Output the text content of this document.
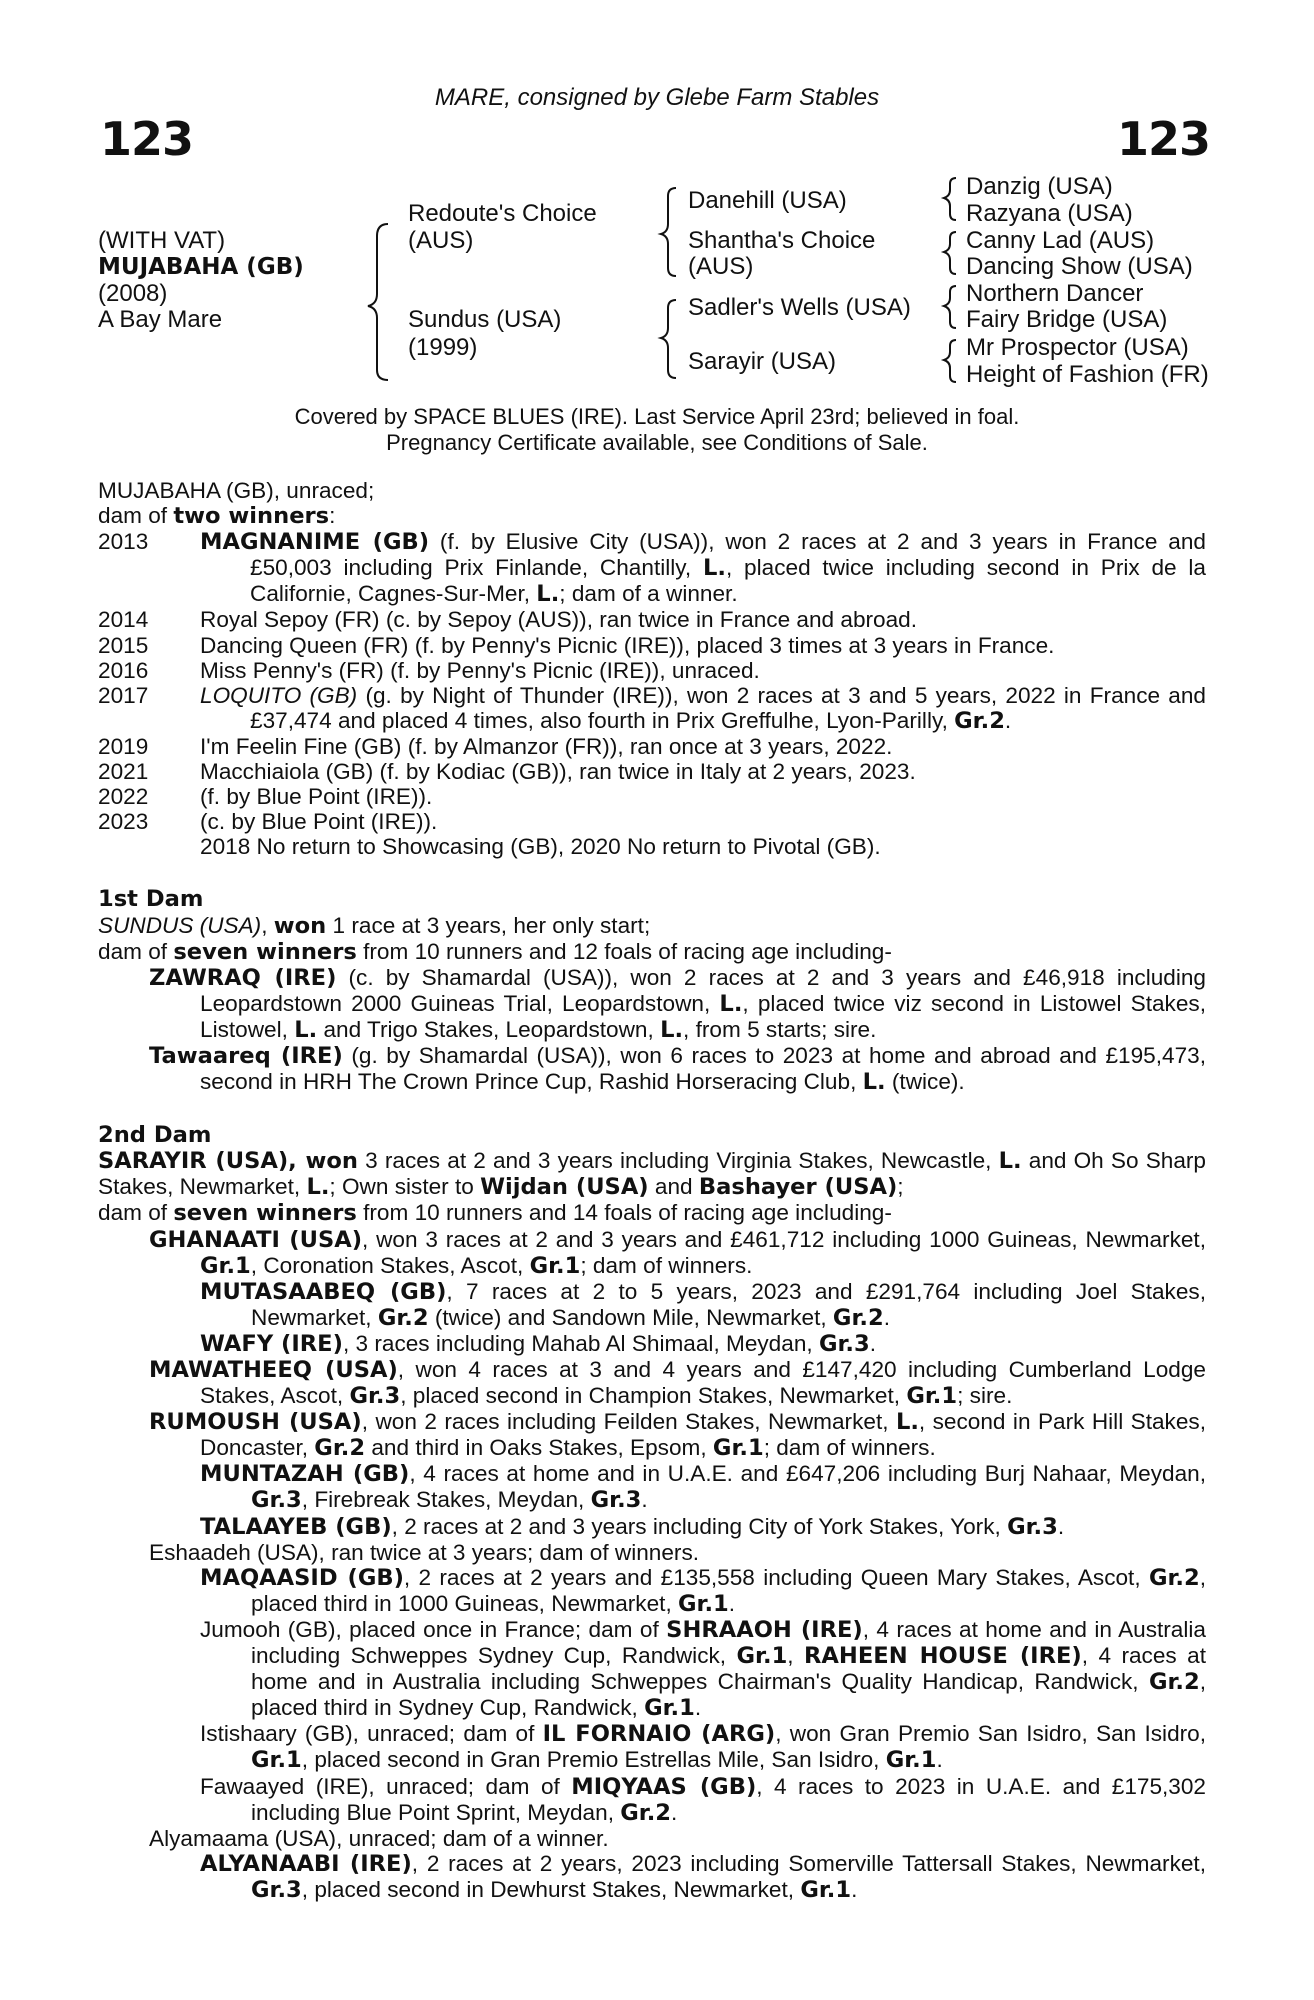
MARE, consigned by Glebe Farm Stables
123	123
(WITH VAT)
MUJABAHA (GB)
(2008)
A Bay Mare
Redoute's Choice
(AUS)
Sundus (USA)
(1999)
Danehill (USA)
Shantha's Choice
(AUS)
Sadler's Wells (USA)
Sarayir (USA)
Danzig (USA)
Razyana (USA)
Canny Lad (AUS)
Dancing Show (USA)
Northern Dancer
Fairy Bridge (USA)
Mr Prospector (USA)
Height of Fashion (FR)
Covered by SPACE BLUES (IRE). Last Service April 23rd; believed in foal.
Pregnancy Certificate available, see Conditions of Sale.

MUJABAHA (GB), unraced;

dam of two winners:

2013	MAGNANIME (GB) (f. by Elusive City (USA)), won 2 races at 2 and 3 years in France and £50,003 including Prix Finlande, Chantilly, L., placed twice including second in Prix de la Californie, Cagnes-Sur-Mer, L.; dam of a winner.

2014	Royal Sepoy (FR) (c. by Sepoy (AUS)), ran twice in France and abroad.

2015	Dancing Queen (FR) (f. by Penny's Picnic (IRE)), placed 3 times at 3 years in France.

2016	Miss Penny's (FR) (f. by Penny's Picnic (IRE)), unraced.

2017	LOQUITO (GB) (g. by Night of Thunder (IRE)), won 2 races at 3 and 5 years, 2022 in France and £37,474 and placed 4 times, also fourth in Prix Greffulhe, Lyon-Parilly, Gr.2.

2019	I'm Feelin Fine (GB) (f. by Almanzor (FR)), ran once at 3 years, 2022.

2021	Macchiaiola (GB) (f. by Kodiac (GB)), ran twice in Italy at 2 years, 2023.

2022	(f. by Blue Point (IRE)).

2023	(c. by Blue Point (IRE)).

2018 No return to Showcasing (GB), 2020 No return to Pivotal (GB).

1st Dam

SUNDUS (USA), won 1 race at 3 years, her only start;

dam of seven winners from 10 runners and 12 foals of racing age including-

ZAWRAQ (IRE) (c. by Shamardal (USA)), won 2 races at 2 and 3 years and £46,918 including Leopardstown 2000 Guineas Trial, Leopardstown, L., placed twice viz second in Listowel Stakes, Listowel, L. and Trigo Stakes, Leopardstown, L., from 5 starts; sire.

Tawaareq (IRE) (g. by Shamardal (USA)), won 6 races to 2023 at home and abroad and £195,473, second in HRH The Crown Prince Cup, Rashid Horseracing Club, L. (twice).

2nd Dam

SARAYIR (USA), won 3 races at 2 and 3 years including Virginia Stakes, Newcastle, L. and Oh So Sharp Stakes, Newmarket, L.; Own sister to Wijdan (USA) and Bashayer (USA);

dam of seven winners from 10 runners and 14 foals of racing age including-

GHANAATI (USA), won 3 races at 2 and 3 years and £461,712 including 1000 Guineas, Newmarket, Gr.1, Coronation Stakes, Ascot, Gr.1; dam of winners.

MUTASAABEQ (GB), 7 races at 2 to 5 years, 2023 and £291,764 including Joel Stakes, Newmarket, Gr.2 (twice) and Sandown Mile, Newmarket, Gr.2.

WAFY (IRE), 3 races including Mahab Al Shimaal, Meydan, Gr.3.

MAWATHEEQ (USA), won 4 races at 3 and 4 years and £147,420 including Cumberland Lodge Stakes, Ascot, Gr.3, placed second in Champion Stakes, Newmarket, Gr.1; sire.

RUMOUSH (USA), won 2 races including Feilden Stakes, Newmarket, L., second in Park Hill Stakes, Doncaster, Gr.2 and third in Oaks Stakes, Epsom, Gr.1; dam of winners.

MUNTAZAH (GB), 4 races at home and in U.A.E. and £647,206 including Burj Nahaar, Meydan, Gr.3, Firebreak Stakes, Meydan, Gr.3.

TALAAYEB (GB), 2 races at 2 and 3 years including City of York Stakes, York, Gr.3.

Eshaadeh (USA), ran twice at 3 years; dam of winners.

MAQAASID (GB), 2 races at 2 years and £135,558 including Queen Mary Stakes, Ascot, Gr.2, placed third in 1000 Guineas, Newmarket, Gr.1.

Jumooh (GB), placed once in France; dam of SHRAAOH (IRE), 4 races at home and in Australia including Schweppes Sydney Cup, Randwick, Gr.1, RAHEEN HOUSE (IRE), 4 races at home and in Australia including Schweppes Chairman's Quality Handicap, Randwick, Gr.2, placed third in Sydney Cup, Randwick, Gr.1.

Istishaary (GB), unraced; dam of IL FORNAIO (ARG), won Gran Premio San Isidro, San Isidro, Gr.1, placed second in Gran Premio Estrellas Mile, San Isidro, Gr.1.

Fawaayed (IRE), unraced; dam of MIQYAAS (GB), 4 races to 2023 in U.A.E. and £175,302 including Blue Point Sprint, Meydan, Gr.2.

Alyamaama (USA), unraced; dam of a winner.

ALYANAABI (IRE), 2 races at 2 years, 2023 including Somerville Tattersall Stakes, Newmarket, Gr.3, placed second in Dewhurst Stakes, Newmarket, Gr.1.
